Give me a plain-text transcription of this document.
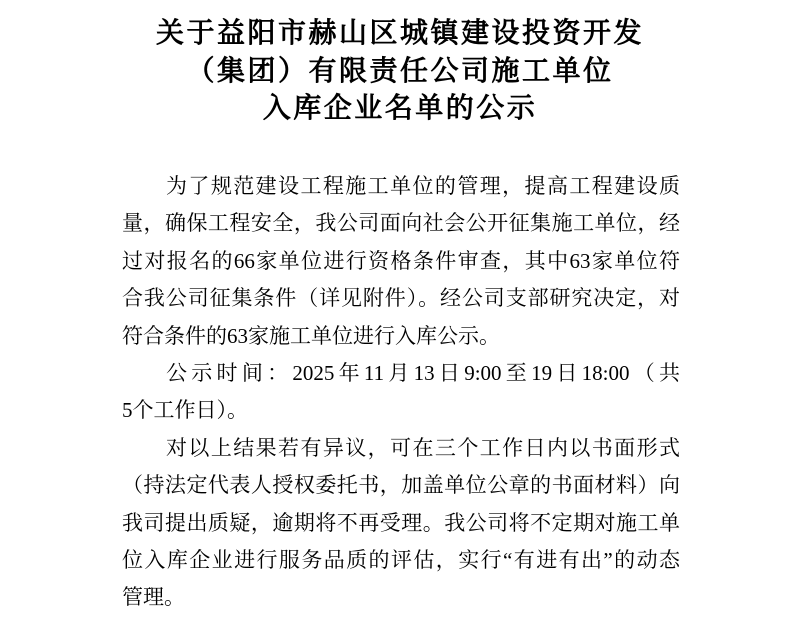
关于益阳市赫山区城镇建设投资开发
（集团）有限责任公司施工单位
入库企业名单的公示
为了规范建设工程施工单位的管理，提高工程建设质
量，确保工程安全，我公司面向社会公开征集施工单位，经
过对报名的66家单位进行资格条件审查，其中63家单位符
合我公司征集条件（详见附件）。经公司支部研究决定，对
符合条件的63家施工单位进行入库公示。
公示时间：2025年11月13日9:00至19日18:00（共
5个工作日）。
对以上结果若有异议，可在三个工作日内以书面形式
（持法定代表人授权委托书，加盖单位公章的书面材料）向
我司提出质疑，逾期将不再受理。我公司将不定期对施工单
位入库企业进行服务品质的评估，实行“有进有出”的动态
管理。
